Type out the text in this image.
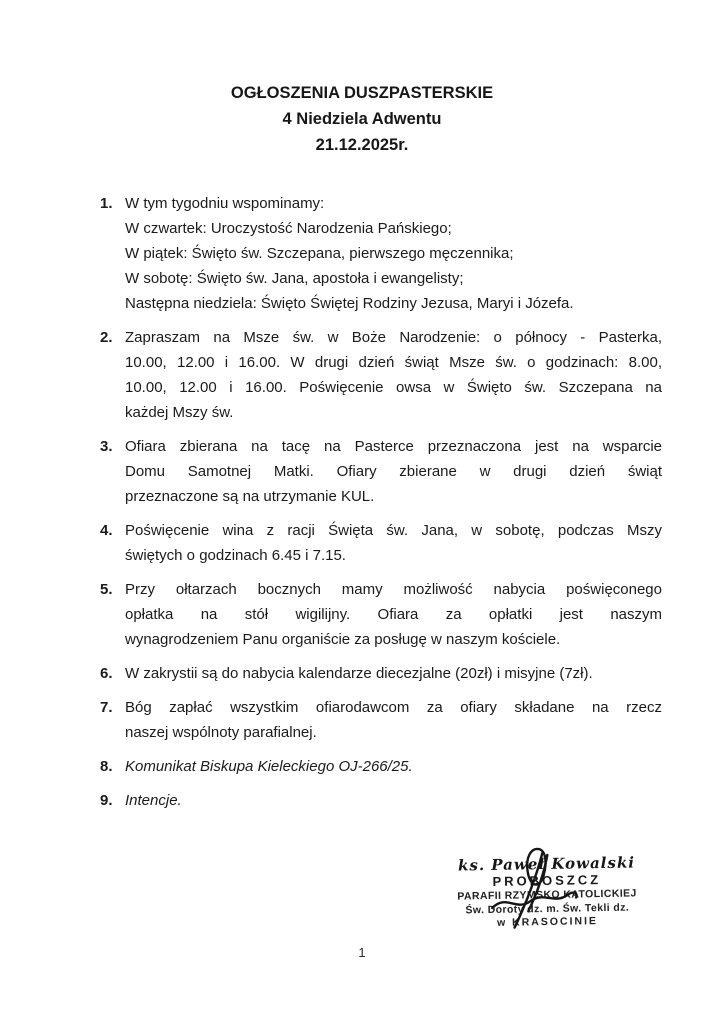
OGŁOSZENIA DUSZPASTERSKIE
4 Niedziela Adwentu
21.12.2025r.
1. W tym tygodniu wspominamy:
W czwartek: Uroczystość Narodzenia Pańskiego;
W piątek: Święto św. Szczepana, pierwszego męczennika;
W sobotę: Święto św. Jana, apostoła i ewangelisty;
Następna niedziela: Święto Świętej Rodziny Jezusa, Maryi i Józefa.
2. Zapraszam na Msze św. w Boże Narodzenie: o północy - Pasterka,
10.00, 12.00 i 16.00. W drugi dzień świąt Msze św. o godzinach: 8.00,
10.00, 12.00 i 16.00. Poświęcenie owsa w Święto św. Szczepana na
każdej Mszy św.
3. Ofiara zbierana na tacę na Pasterce przeznaczona jest na wsparcie
Domu Samotnej Matki. Ofiary zbierane w drugi dzień świąt
przeznaczone są na utrzymanie KUL.
4. Poświęcenie wina z racji Święta św. Jana, w sobotę, podczas Mszy
świętych o godzinach 6.45 i 7.15.
5. Przy ołtarzach bocznych mamy możliwość nabycia poświęconego
opłatka na stół wigilijny. Ofiara za opłatki jest naszym
wynagrodzeniem Panu organiście za posługę w naszym kościele.
6. W zakrystii są do nabycia kalendarze diecezjalne (20zł) i misyjne (7zł).
7. Bóg zapłać wszystkim ofiarodawcom za ofiary składane na rzecz
naszej wspólnoty parafialnej.
8. Komunikat Biskupa Kieleckiego OJ-266/25.
9. Intencje.
ks. Paweł Kowalski
PROBOSZCZ
PARAFII RZYMSKO KATOLICKIEJ
Św. Doroty dz. m. Św. Tekli dz.
w KRASOCINIE
1
